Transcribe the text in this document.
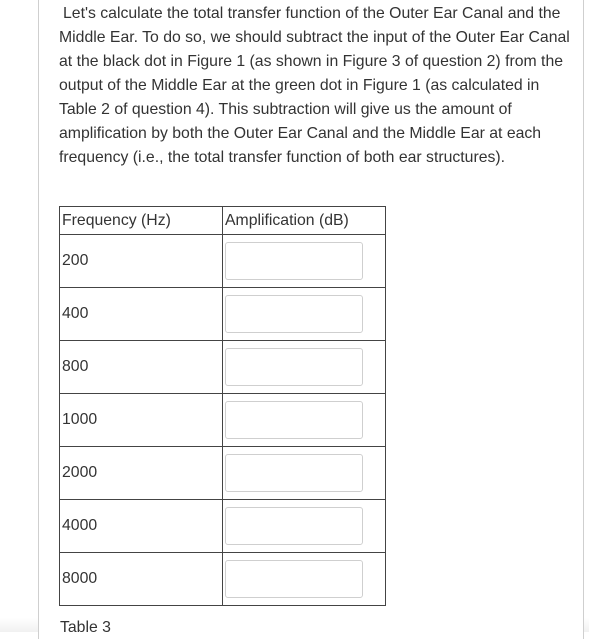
Let's calculate the total transfer function of the Outer Ear Canal and the Middle Ear. To do so, we should subtract the input of the Outer Ear Canal at the black dot in Figure 1 (as shown in Figure 3 of question 2) from the output of the Middle Ear at the green dot in Figure 1 (as calculated in Table 2 of question 4). This subtraction will give us the amount of amplification by both the Outer Ear Canal and the Middle Ear at each frequency (i.e., the total transfer function of both ear structures).

Frequency (Hz)	Amplification (dB)
200	

400	

800	

1000	

2000	

4000	

8000	

Table 3
